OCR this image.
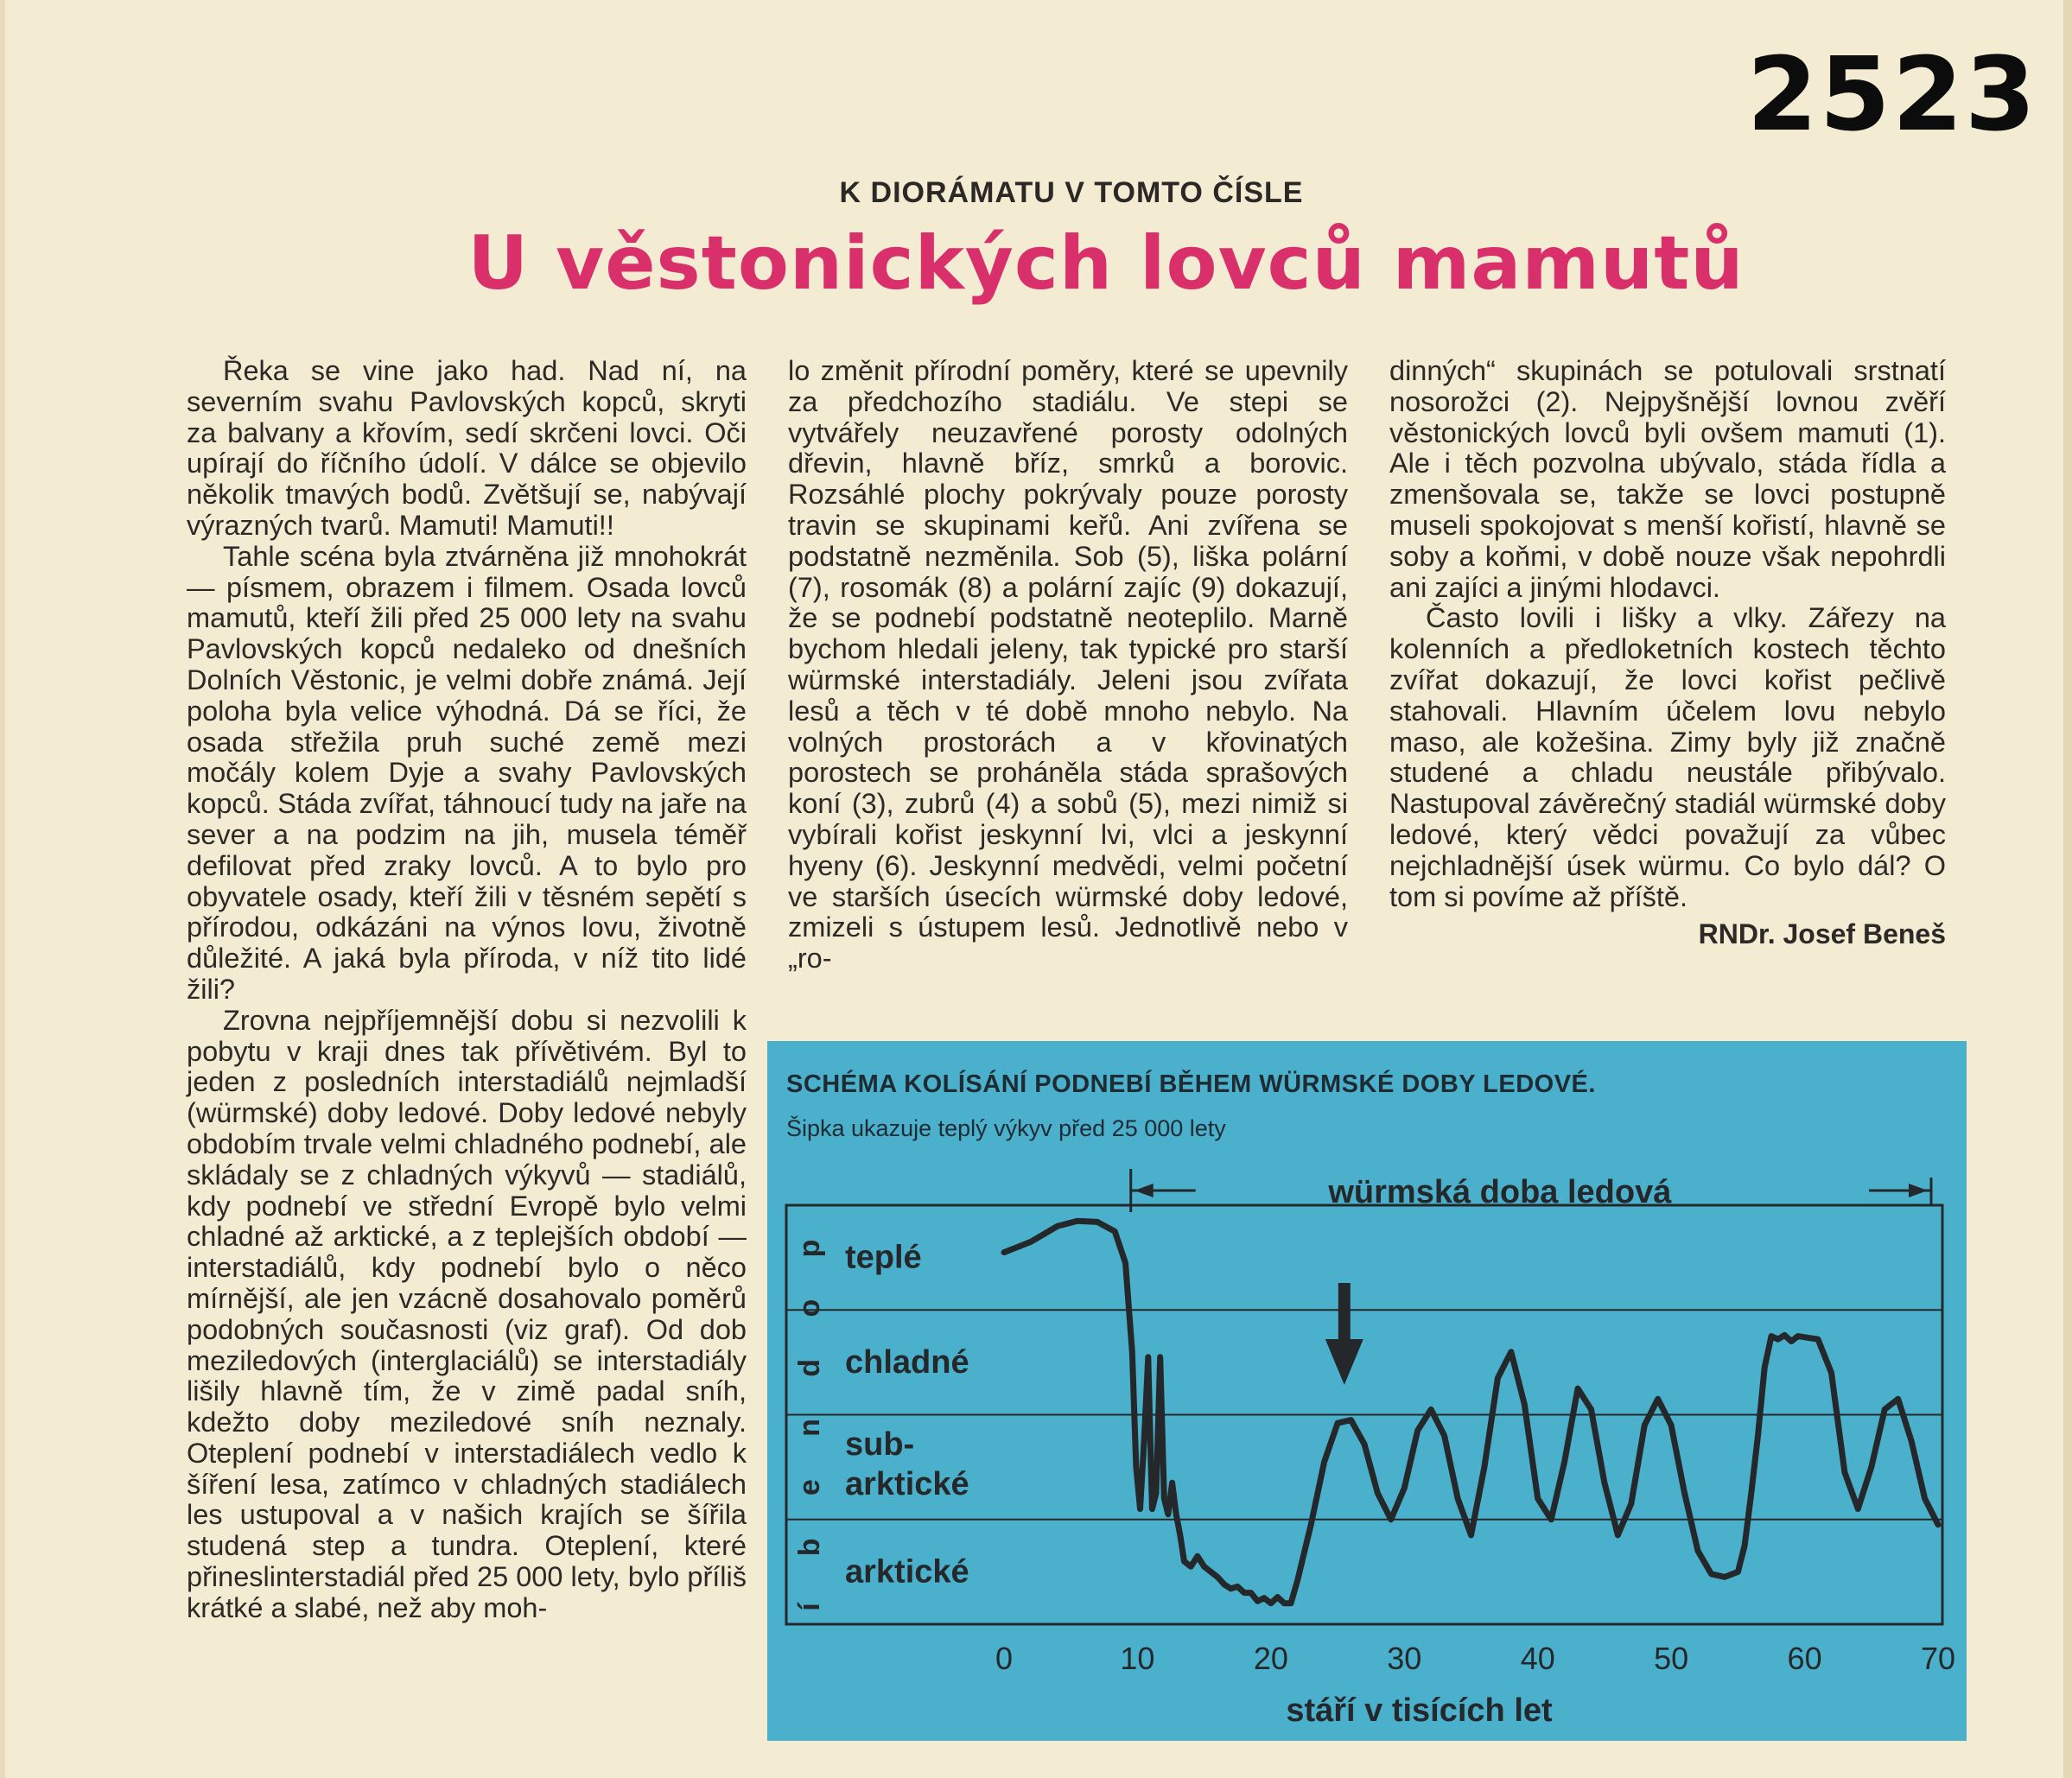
2523
K DIORÁMATU V TOMTO ČÍSLE
U věstonických lovců mamutů

Řeka se vine jako had. Nad ní, na severním svahu Pavlovských kopců, skryti za balvany a křovím, sedí skrčeni lovci. Oči upírají do říčního údolí. V dálce se objevilo několik tmavých bodů. Zvětšují se, nabývají výrazných tvarů. Mamuti! Mamuti!!

Tahle scéna byla ztvárněna již mnohokrát — písmem, obrazem i filmem. Osada lovců mamutů, kteří žili před 25 000 lety na svahu Pavlovských kopců nedaleko od dnešních Dolních Věstonic, je velmi dobře známá. Její poloha byla velice výhodná. Dá se říci, že osada střežila pruh suché země mezi močály kolem Dyje a svahy Pavlovských kopců. Stáda zvířat, táhnoucí tudy na jaře na sever a na podzim na jih, musela téměř defilovat před zraky lovců. A to bylo pro obyvatele osady, kteří žili v těsném sepětí s přírodou, odkázáni na výnos lovu, životně důležité. A jaká byla příroda, v níž tito lidé žili?

Zrovna nejpříjemnější dobu si nezvolili k pobytu v kraji dnes tak přívětivém. Byl to jeden z posledních interstadiálů nejmladší (würmské) doby ledové. Doby ledové nebyly obdobím trvale velmi chladného podnebí, ale skládaly se z chladných výkyvů — stadiálů, kdy podnebí ve střední Evropě bylo velmi chladné až arktické, a z teplejších období — interstadiálů, kdy podnebí bylo o něco mírnější, ale jen vzácně dosahovalo poměrů podobných současnosti (viz graf). Od dob meziledových (interglaciálů) se interstadiály lišily hlavně tím, že v zimě padal sníh, kdežto doby meziledové sníh neznaly. Oteplení podnebí v interstadiálech vedlo k šíření lesa, zatímco v chladných stadiálech les ustupoval a v našich krajích se šířila studená step a tundra. Oteplení, které přineslinterstadiál před 25 000 lety, bylo příliš krátké a slabé, než aby moh-

lo změnit přírodní poměry, které se upevnily za předchozího stadiálu. Ve stepi se vytvářely neuzavřené porosty odolných dřevin, hlavně bříz, smrků a borovic. Rozsáhlé plochy pokrývaly pouze porosty travin se skupinami keřů. Ani zvířena se podstatně nezměnila. Sob (5), liška polární (7), rosomák (8) a polární zajíc (9) dokazují, že se podnebí podstatně neoteplilo. Marně bychom hledali jeleny, tak typické pro starší würmské interstadiály. Jeleni jsou zvířata lesů a těch v té době mnoho nebylo. Na volných prostorách a v křovinatých porostech se proháněla stáda sprašových koní (3), zubrů (4) a sobů (5), mezi nimiž si vybírali kořist jeskynní lvi, vlci a jeskynní hyeny (6). Jeskynní medvědi, velmi početní ve starších úsecích würmské doby ledové, zmizeli s ústupem lesů. Jednotlivě nebo v „ro-

dinných“ skupinách se potulovali srstnatí nosorožci (2). Nejpyšnější lovnou zvěří věstonických lovců byli ovšem mamuti (1). Ale i těch pozvolna ubývalo, stáda řídla a zmenšovala se, takže se lovci postupně museli spokojovat s menší kořistí, hlavně se soby a koňmi, v době nouze však nepohrdli ani zajíci a jinými hlodavci.

Často lovili i lišky a vlky. Zářezy na kolenních a předloketních kostech těchto zvířat dokazují, že lovci kořist pečlivě stahovali. Hlavním účelem lovu nebylo maso, ale kožešina. Zimy byly již značně studené a chladu neustále přibývalo. Nastupoval závěrečný stadiál würmské doby ledové, který vědci považují za vůbec nejchladnější úsek würmu. Co bylo dál? O tom si povíme až příště.

RNDr. Josef Beneš
SCHÉMA KOLÍSÁNÍ PODNEBÍ BĚHEM WÜRMSKÉ DOBY LEDOVÉ.
Šipka ukazuje teplý výkyv před 25 000 lety
teplé
chladné
sub-arktické
arktické
p
o
d
n
e
b
í
0	10	20	30	40	50	60	70
stáří v tisících let
würmská doba ledová
